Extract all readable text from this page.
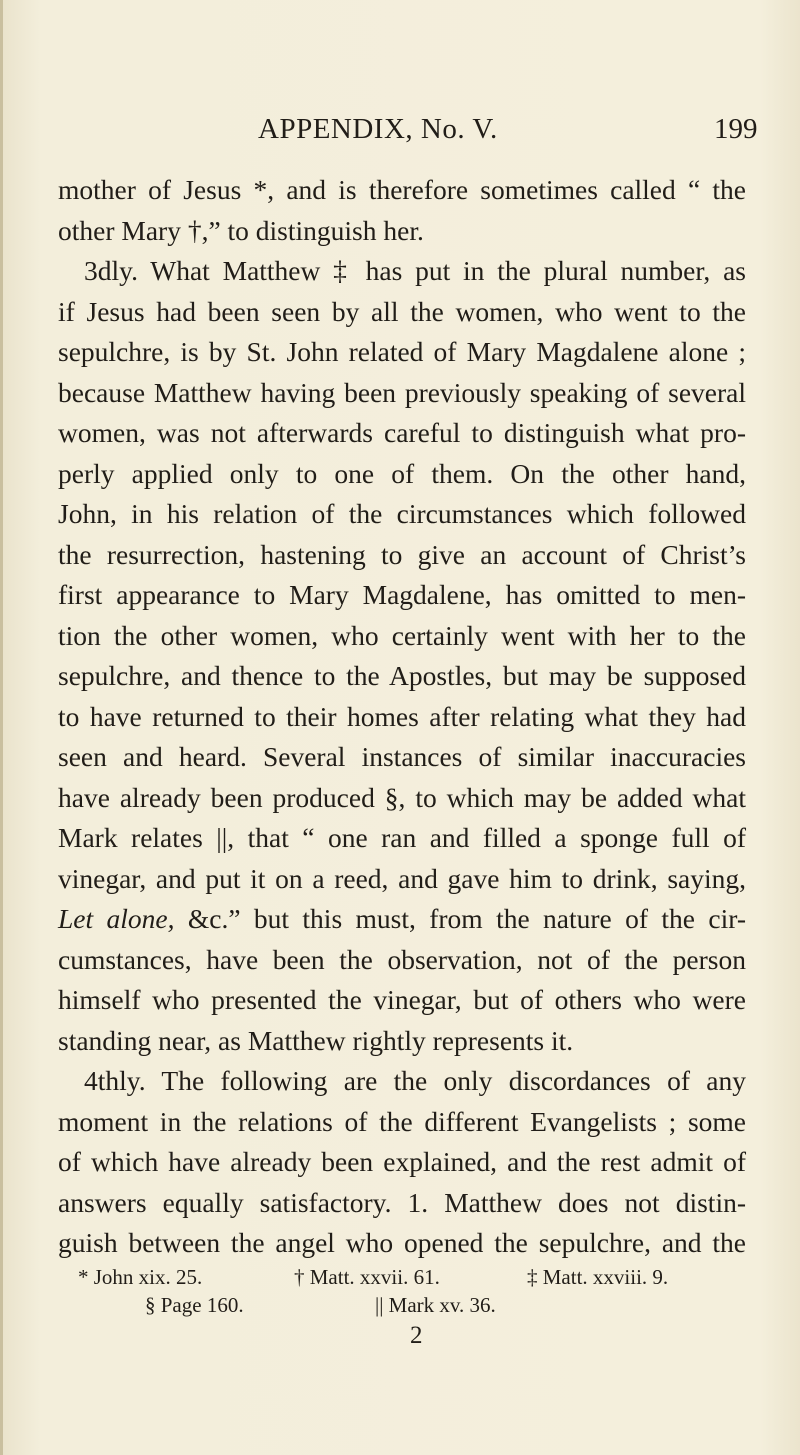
APPENDIX, No. V.	199
mother of Jesus *, and is therefore sometimes called “ the
other Mary †,” to distinguish her.
3dly. What Matthew ‡ has put in the plural number, as
if Jesus had been seen by all the women, who went to the
sepulchre, is by St. John related of Mary Magdalene alone ;
because Matthew having been previously speaking of several
women, was not afterwards careful to distinguish what pro-
perly applied only to one of them. On the other hand,
John, in his relation of the circumstances which followed
the resurrection, hastening to give an account of Christ’s
first appearance to Mary Magdalene, has omitted to men-
tion the other women, who certainly went with her to the
sepulchre, and thence to the Apostles, but may be supposed
to have returned to their homes after relating what they had
seen and heard. Several instances of similar inaccuracies
have already been produced §, to which may be added what
Mark relates ||, that “ one ran and filled a sponge full of
vinegar, and put it on a reed, and gave him to drink, saying,
Let alone, &c.” but this must, from the nature of the cir-
cumstances, have been the observation, not of the person
himself who presented the vinegar, but of others who were
standing near, as Matthew rightly represents it.
4thly. The following are the only discordances of any
moment in the relations of the different Evangelists ; some
of which have already been explained, and the rest admit of
answers equally satisfactory. 1. Matthew does not distin-
guish between the angel who opened the sepulchre, and the
* John xix. 25.	† Matt. xxvii. 61.	‡ Matt. xxviii. 9.
§ Page 160.	|| Mark xv. 36.
2
